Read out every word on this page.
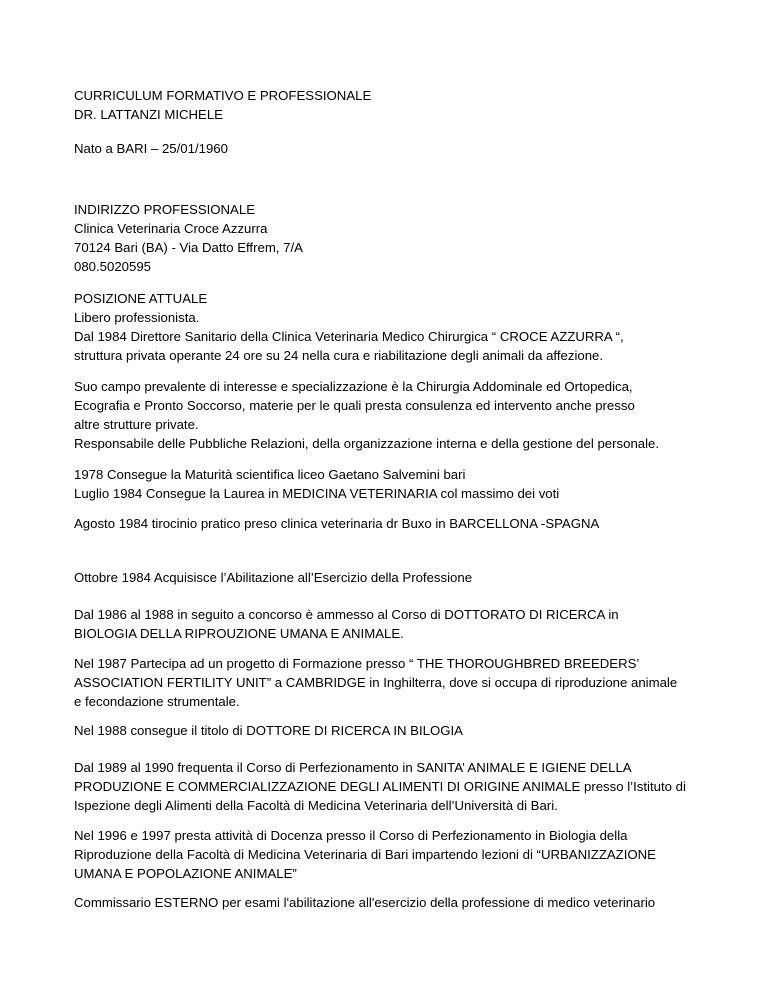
CURRICULUM FORMATIVO E PROFESSIONALE
DR. LATTANZI MICHELE
Nato a BARI – 25/01/1960
INDIRIZZO PROFESSIONALE
Clinica Veterinaria Croce Azzurra
70124 Bari (BA) - Via Datto Effrem, 7/A
080.5020595
POSIZIONE ATTUALE
Libero professionista.
Dal 1984 Direttore Sanitario della Clinica Veterinaria Medico Chirurgica “ CROCE AZZURRA “,
struttura privata operante 24 ore su 24 nella cura e riabilitazione degli animali da affezione.
Suo campo prevalente di interesse e specializzazione è la Chirurgia Addominale ed Ortopedica,
Ecografia e Pronto Soccorso, materie per le quali presta consulenza ed intervento anche presso
altre strutture private.
Responsabile delle Pubbliche Relazioni, della organizzazione interna e della gestione del personale.
1978 Consegue la Maturità scientifica liceo Gaetano Salvemini bari
Luglio 1984 Consegue la Laurea in MEDICINA VETERINARIA col massimo dei voti
Agosto 1984 tirocinio pratico preso clinica veterinaria dr Buxo in BARCELLONA -SPAGNA
Ottobre 1984 Acquisisce l’Abilitazione all’Esercizio della Professione
Dal 1986 al 1988 in seguito a concorso è ammesso al Corso di DOTTORATO DI RICERCA in
BIOLOGIA DELLA RIPROUZIONE UMANA E ANIMALE.
Nel 1987 Partecipa ad un progetto di Formazione presso “ THE THOROUGHBRED BREEDERS’
ASSOCIATION FERTILITY UNIT” a CAMBRIDGE in Inghilterra, dove si occupa di riproduzione animale
e fecondazione strumentale.
Nel 1988 consegue il titolo di DOTTORE DI RICERCA IN BILOGIA
Dal 1989 al 1990 frequenta il Corso di Perfezionamento in SANITA’ ANIMALE E IGIENE DELLA
PRODUZIONE E COMMERCIALIZZAZIONE DEGLI ALIMENTI DI ORIGINE ANIMALE presso l’Istituto di
Ispezione degli Alimenti della Facoltà di Medicina Veterinaria dell’Università di Bari.
Nel 1996 e 1997 presta attività di Docenza presso il Corso di Perfezionamento in Biologia della
Riproduzione della Facoltà di Medicina Veterinaria di Bari impartendo lezioni di “URBANIZZAZIONE
UMANA E POPOLAZIONE ANIMALE”
Commissario ESTERNO per esami l'abilitazione all'esercizio della professione di medico veterinario
